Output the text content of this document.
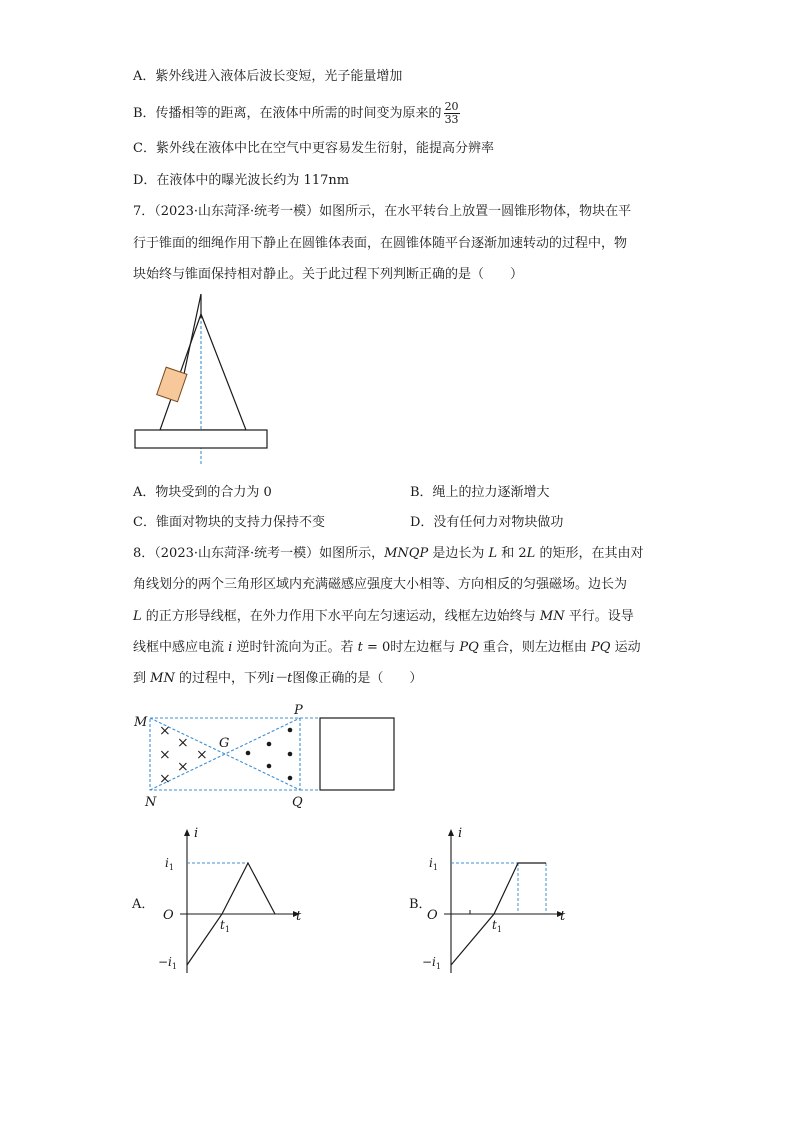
A．紫外线进入液体后波长变短，光子能量增加
B．传播相等的距离，在液体中所需的时间变为原来的 $\frac{20}{33}$
C．紫外线在液体中比在空气中更容易发生衍射，能提高分辨率
D．在液体中的曝光波长约为 117nm
7．（2023·山东菏泽·统考一模）如图所示，在水平转台上放置一圆锥形物体，物块在平
行于锥面的细绳作用下静止在圆锥体表面，在圆锥体随平台逐渐加速转动的过程中，物
块始终与锥面保持相对静止。关于此过程下列判断正确的是（　　）
A．物块受到的合力为 0	B．绳上的拉力逐渐增大
C．锥面对物块的支持力保持不变	D．没有任何力对物块做功
8．（2023·山东菏泽·统考一模）如图所示，MNQP 是边长为 L 和 2L 的矩形，在其由对
角线划分的两个三角形区域内充满磁感应强度大小相等、方向相反的匀强磁场。边长为
L 的正方形导线框，在外力作用下水平向左匀速运动，线框左边始终与 MN 平行。设导
线框中感应电流 i 逆时针流向为正。若 t = 0时左边框与 PQ 重合，则左边框由 PQ 运动
到 MN 的过程中，下列i－t图像正确的是（　　）
×
×
×
×
×
×
M
N
P
Q
G
A．
i
t
O
$i_1$
$-i_1$
$t_1$
B．
i
t
O
$i_1$
$-i_1$
$t_1$
